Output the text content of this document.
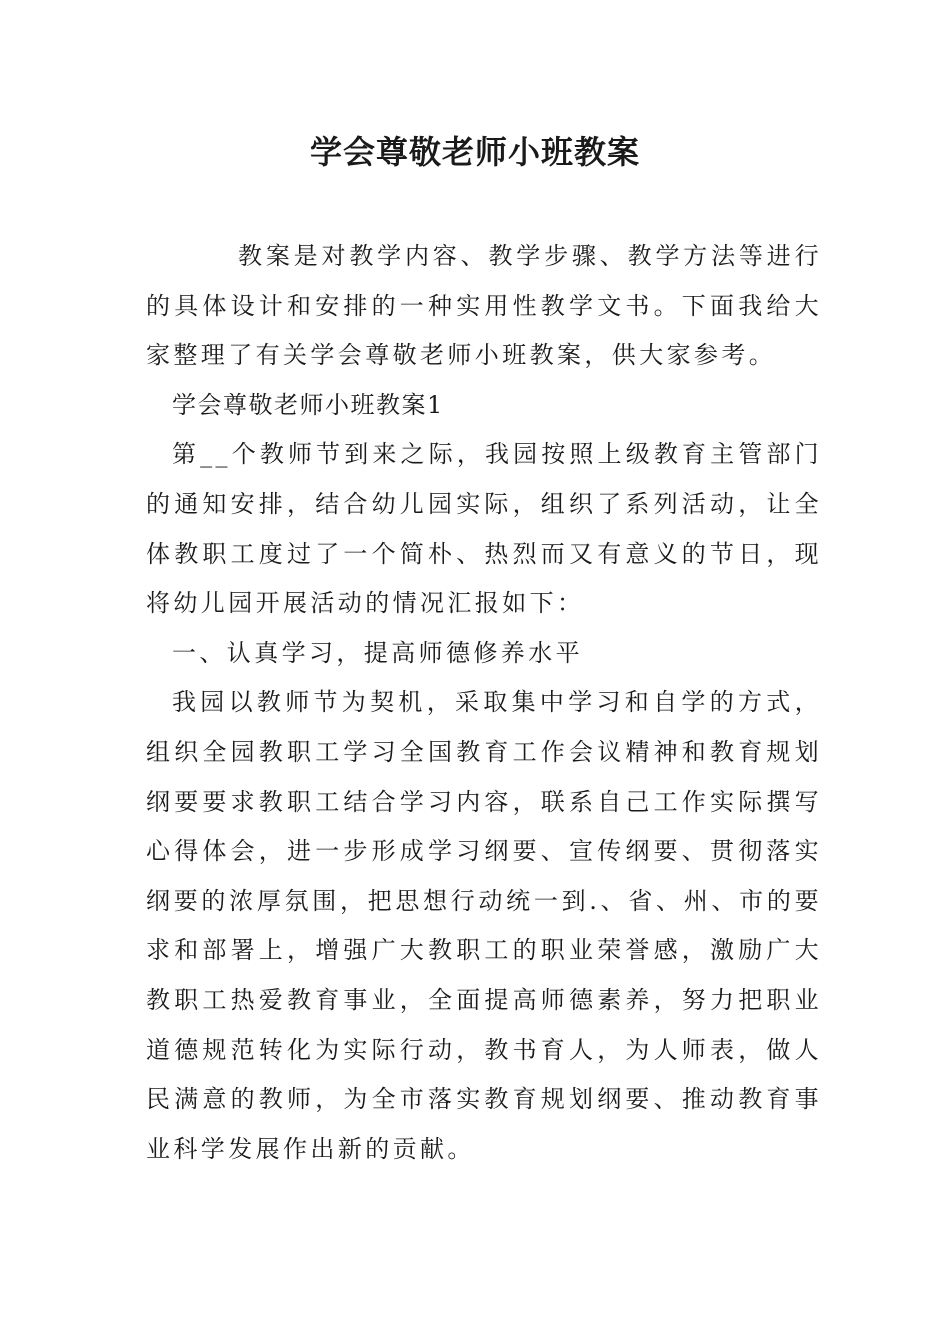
学会尊敬老师小班教案

教案是对教学内容、教学步骤、教学方法等进行的具体设计和安排的一种实用性教学文书。下面我给大家整理了有关学会尊敬老师小班教案，供大家参考。

学会尊敬老师小班教案1

第__个教师节到来之际，我园按照上级教育主管部门的通知安排，结合幼儿园实际，组织了系列活动，让全体教职工度过了一个简朴、热烈而又有意义的节日，现将幼儿园开展活动的情况汇报如下：

一、认真学习，提高师德修养水平

我园以教师节为契机，采取集中学习和自学的方式，组织全园教职工学习全国教育工作会议精神和教育规划纲要要求教职工结合学习内容，联系自己工作实际撰写心得体会，进一步形成学习纲要、宣传纲要、贯彻落实纲要的浓厚氛围，把思想行动统一到.、省、州、市的要求和部署上，增强广大教职工的职业荣誉感，激励广大教职工热爱教育事业，全面提高师德素养，努力把职业道德规范转化为实际行动，教书育人，为人师表，做人民满意的教师，为全市落实教育规划纲要、推动教育事业科学发展作出新的贡献。
